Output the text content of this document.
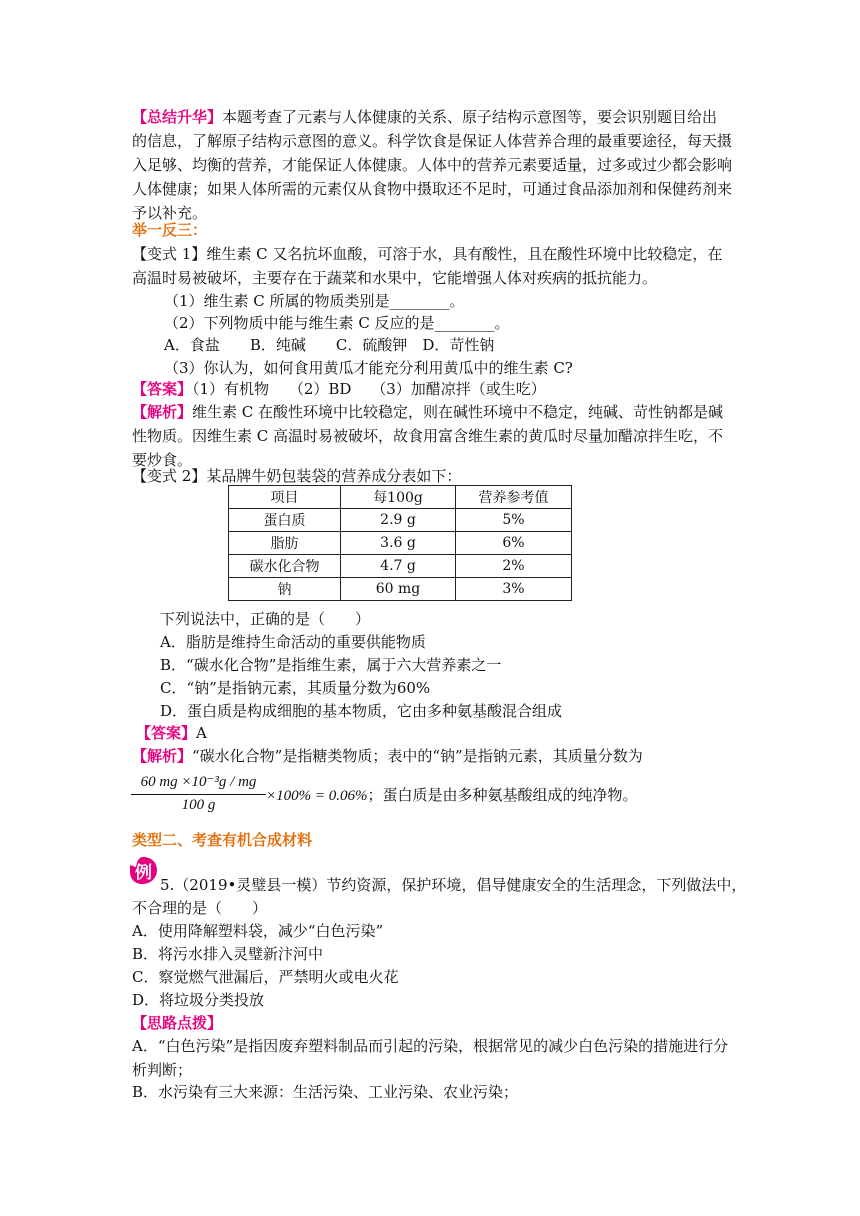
【总结升华】本题考查了元素与人体健康的关系、原子结构示意图等，要会识别题目给出的信息，了解原子结构示意图的意义。科学饮食是保证人体营养合理的最重要途径，每天摄入足够、均衡的营养，才能保证人体健康。人体中的营养元素要适量，过多或过少都会影响人体健康；如果人体所需的元素仅从食物中摄取还不足时，可通过食品添加剂和保健药剂来予以补充。
举一反三：
【变式 1】维生素 C 又名抗坏血酸，可溶于水，具有酸性，且在酸性环境中比较稳定，在高温时易被破坏，主要存在于蔬菜和水果中，它能增强人体对疾病的抵抗能力。
（1）维生素 C 所属的物质类别是________。
（2）下列物质中能与维生素 C 反应的是________。
A．食盐　　B．纯碱　　C．硫酸钾　D．苛性钠
（3）你认为，如何食用黄瓜才能充分利用黄瓜中的维生素 C?
【答案】（1）有机物　 （2）BD　 （3）加醋凉拌（或生吃）
【解析】维生素 C 在酸性环境中比较稳定，则在碱性环境中不稳定，纯碱、苛性钠都是碱性物质。因维生素 C 高温时易被破坏，故食用富含维生素的黄瓜时尽量加醋凉拌生吃，不要炒食。
【变式 2】某品牌牛奶包装袋的营养成分表如下：
项目	每100g	营养参考值
蛋白质	2.9 g	5%
脂肪	3.6 g	6%
碳水化合物	4.7 g	2%
钠	60 mg	3%
下列说法中，正确的是（　　）
A．脂肪是维持生命活动的重要供能物质
B．“碳水化合物”是指维生素，属于六大营养素之一
C．“钠”是指钠元素，其质量分数为60%
D．蛋白质是构成细胞的基本物质，它由多种氨基酸混合组成
【答案】A
【解析】“碳水化合物”是指糖类物质；表中的“钠”是指钠元素，其质量分数为
$\frac{\text{60 mg ×10⁻³g / mg}}{100 g} \times 100\% = 0.06\%$；蛋白质是由多种氨基酸组成的纯净物。
类型二、考查有机合成材料
例
5.（2019•灵璧县一模）节约资源，保护环境，倡导健康安全的生活理念，下列做法中，
不合理的是（　　）
A．使用降解塑料袋，减少“白色污染”
B．将污水排入灵璧新汴河中
C．察觉燃气泄漏后，严禁明火或电火花
D．将垃圾分类投放
【思路点拨】
A．“白色污染”是指因废弃塑料制品而引起的污染，根据常见的减少白色污染的措施进行分析判断；
B．水污染有三大来源：生活污染、工业污染、农业污染；
